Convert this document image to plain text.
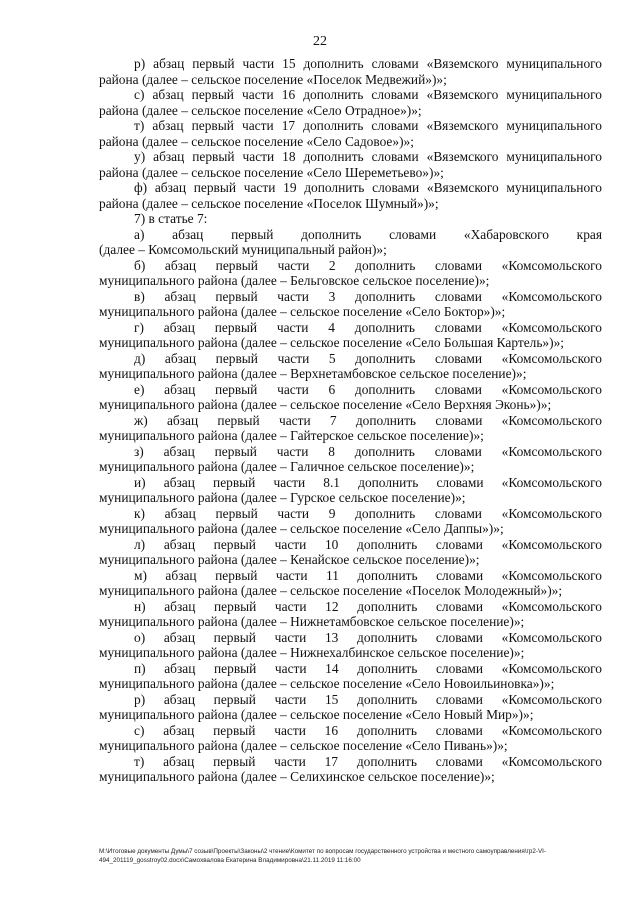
22
р) абзац первый части 15 дополнить словами «Вяземского муниципального
района (далее – сельское поселение «Поселок Медвежий»)»;
с) абзац первый части 16 дополнить словами «Вяземского муниципального
района (далее – сельское поселение «Село Отрадное»)»;
т) абзац первый части 17 дополнить словами «Вяземского муниципального
района (далее – сельское поселение «Село Садовое»)»;
у) абзац первый части 18 дополнить словами «Вяземского муниципального
района (далее – сельское поселение «Село Шереметьево»)»;
ф) абзац первый части 19 дополнить словами «Вяземского муниципального
района (далее – сельское поселение «Поселок Шумный»)»;
7) в статье 7:
а) абзац первый дополнить словами «Хабаровского края
(далее – Комсомольский муниципальный район)»;
б) абзац первый части 2 дополнить словами «Комсомольского
муниципального района (далее – Бельговское сельское поселение)»;
в) абзац первый части 3 дополнить словами «Комсомольского
муниципального района (далее – сельское поселение «Село Боктор»)»;
г) абзац первый части 4 дополнить словами «Комсомольского
муниципального района (далее – сельское поселение «Село Большая Картель»)»;
д) абзац первый части 5 дополнить словами «Комсомольского
муниципального района (далее – Верхнетамбовское сельское поселение)»;
е) абзац первый части 6 дополнить словами «Комсомольского
муниципального района (далее – сельское поселение «Село Верхняя Эконь»)»;
ж) абзац первый части 7 дополнить словами «Комсомольского
муниципального района (далее – Гайтерское сельское поселение)»;
з) абзац первый части 8 дополнить словами «Комсомольского
муниципального района (далее – Галичное сельское поселение)»;
и) абзац первый части 8.1 дополнить словами «Комсомольского
муниципального района (далее – Гурское сельское поселение)»;
к) абзац первый части 9 дополнить словами «Комсомольского
муниципального района (далее – сельское поселение «Село Даппы»)»;
л) абзац первый части 10 дополнить словами «Комсомольского
муниципального района (далее – Кенайское сельское поселение)»;
м) абзац первый части 11 дополнить словами «Комсомольского
муниципального района (далее – сельское поселение «Поселок Молодежный»)»;
н) абзац первый части 12 дополнить словами «Комсомольского
муниципального района (далее – Нижнетамбовское сельское поселение)»;
о) абзац первый части 13 дополнить словами «Комсомольского
муниципального района (далее – Нижнехалбинское сельское поселение)»;
п) абзац первый части 14 дополнить словами «Комсомольского
муниципального района (далее – сельское поселение «Село Новоильиновка»)»;
р) абзац первый части 15 дополнить словами «Комсомольского
муниципального района (далее – сельское поселение «Село Новый Мир»)»;
с) абзац первый части 16 дополнить словами «Комсомольского
муниципального района (далее – сельское поселение «Село Пивань»)»;
т) абзац первый части 17 дополнить словами «Комсомольского
муниципального района (далее – Селихинское сельское поселение)»;
М:\Итоговые документы Думы\7 созыв\Проекты\Законы\2 чтение\Комитет по вопросам государственного устройства и местного самоуправления\гр2-VI-
494_201119_gosstroy02.docx\Самохвалова Екатерина Владимировна\21.11.2019 11:16:00
